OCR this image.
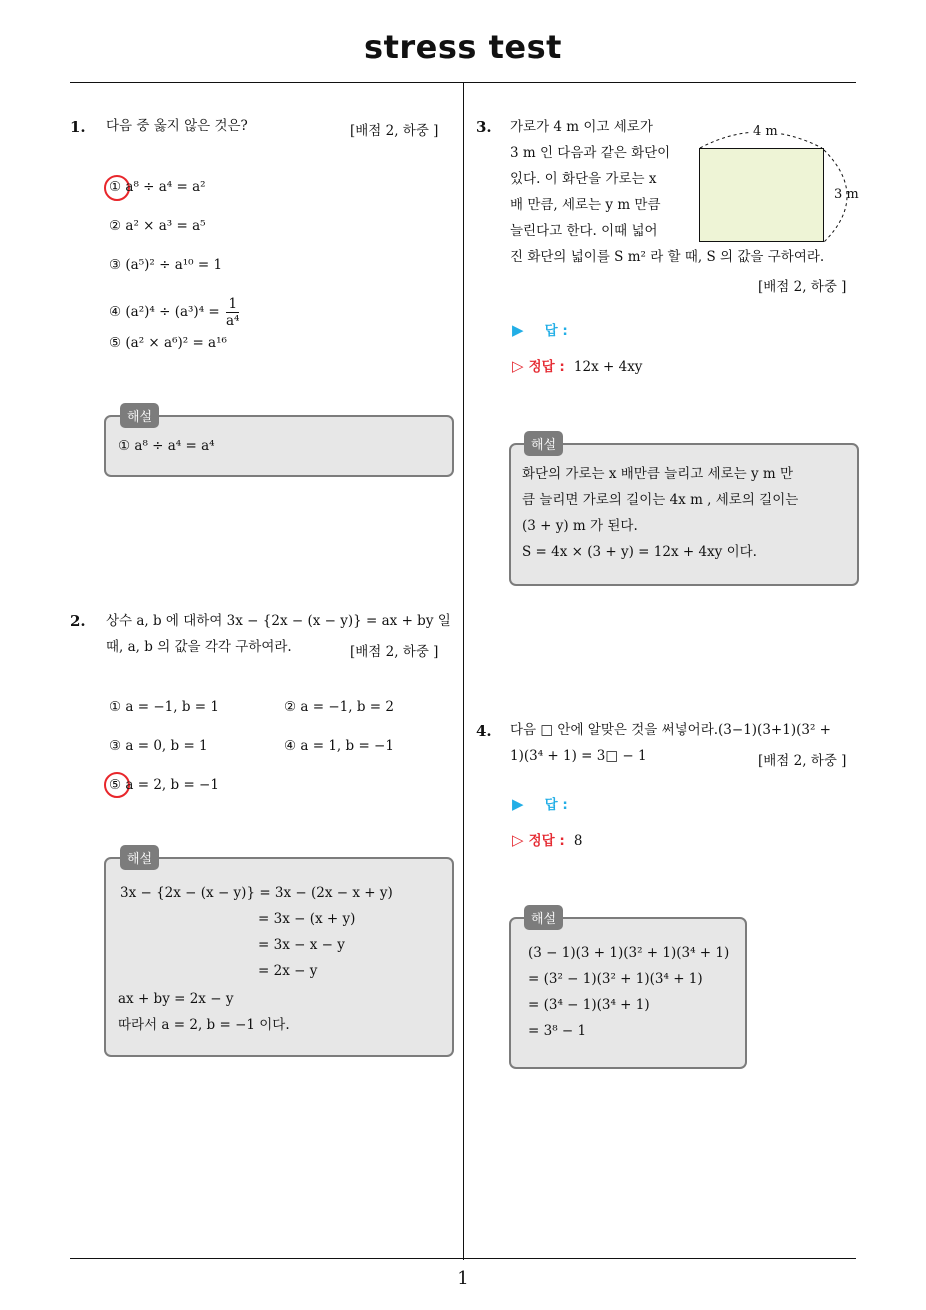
stress test
1
1. 다음 중 옳지 않은 것은?	[배점 2, 하중 ]
① a⁸ ÷ a⁴ = a²
② a² × a³ = a⁵
③ (a⁵)² ÷ a¹⁰ = 1
④ $(a^2)^4 \div (a^3)^4 = \frac{1}{\text{a⁴}}$
⑤ (a² × a⁶)² = a¹⁶
해설
① a⁸ ÷ a⁴ = a⁴
2. 상수 a, b 에 대하여 3x − {2x − (x − y)} = ax + by 일
때, a, b 의 값을 각각 구하여라.	[배점 2, 하중 ]
① a = −1, b = 1	② a = −1, b = 2
③ a = 0, b = 1	④ a = 1, b = −1
⑤ a = 2, b = −1
해설
3x − {2x − (x − y)} = 3x − (2x − x + y)
= 3x − (x + y)
= 3x − x − y
= 2x − y
ax + by = 2x − y
따라서 a = 2, b = −1 이다.
3. 가로가 4 m 이고 세로가
3 m 인 다음과 같은 화단이
있다. 이 화단을 가로는 x
배 만큼, 세로는 y m 만큼
늘린다고 한다. 이때 넓어
진 화단의 넓이를 S m² 라 할 때, S 의 값을 구하여라.
[배점 2, 하중 ]
4 m
3 m
▶ 답 :
▷ 정답 : 12x + 4xy
해설
화단의 가로는 x 배만큼 늘리고 세로는 y m 만
큼 늘리면 가로의 길이는 4x m , 세로의 길이는
(3 + y) m 가 된다.
S = 4x × (3 + y) = 12x + 4xy 이다.
4. 다음 □ 안에 알맞은 것을 써넣어라.(3−1)(3+1)(3² +
1)(3⁴ + 1) = 3□ − 1	[배점 2, 하중 ]
▶ 답 :
▷ 정답 : 8
해설
(3 − 1)(3 + 1)(3² + 1)(3⁴ + 1)
= (3² − 1)(3² + 1)(3⁴ + 1)
= (3⁴ − 1)(3⁴ + 1)
= 3⁸ − 1
